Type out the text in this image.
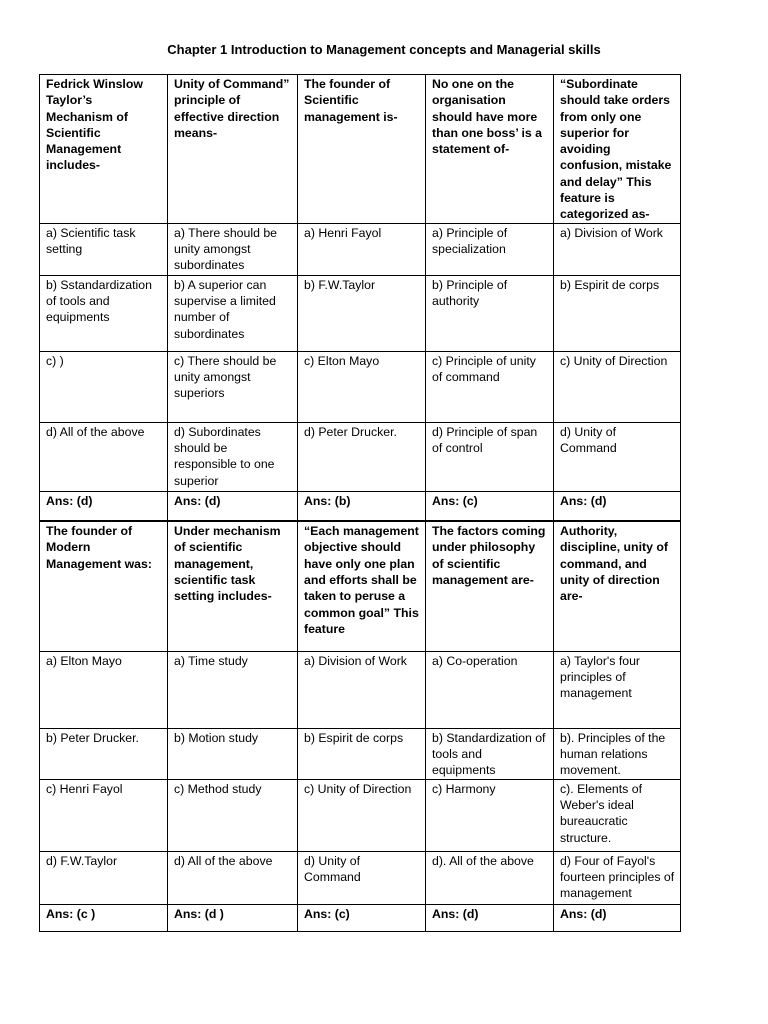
Chapter 1 Introduction to Management concepts and Managerial skills
Fedrick Winslow Taylor’s Mechanism of Scientific Management includes-	Unity of Command” principle of effective direction means-	The founder of Scientific management is-	No one on the organisation should have more than one boss’ is a statement of-	“Subordinate should take orders from only one superior for avoiding confusion, mistake and delay” This feature is categorized as-
a) Scientific task setting	a) There should be unity amongst subordinates	a) Henri Fayol	a) Principle of specialization	a) Division of Work
b) Sstandardization of tools and equipments	b) A superior can supervise a limited number of subordinates	b) F.W.Taylor	b) Principle of authority	b) Espirit de corps
c) )	c) There should be unity amongst superiors	c) Elton Mayo	c) Principle of unity of command	c) Unity of Direction
d) All of the above	d) Subordinates should be responsible to one superior	d) Peter Drucker.	d) Principle of span of control	d) Unity of Command
Ans: (d)	Ans: (d)	Ans: (b)	Ans: (c)	Ans: (d)
The founder of Modern Management was:	Under mechanism of scientific management, scientific task setting includes-	“Each management objective should have only one plan and efforts shall be taken to peruse a common goal” This feature	The factors coming under philosophy of scientific management are-	Authority, discipline, unity of command, and unity of direction are-
a) Elton Mayo	a) Time study	a) Division of Work	a) Co-operation	a) Taylor's four principles of management
b) Peter Drucker.	b) Motion study	b) Espirit de corps	b) Standardization of tools and equipments	b). Principles of the human relations movement.
c) Henri Fayol	c) Method study	c) Unity of Direction	c) Harmony	c). Elements of Weber's ideal bureaucratic structure.
d) F.W.Taylor	d) All of the above	d) Unity of Command	d). All of the above	d) Four of Fayol's fourteen principles of management
Ans: (c )	Ans: (d )	Ans: (c)	Ans: (d)	Ans: (d)
